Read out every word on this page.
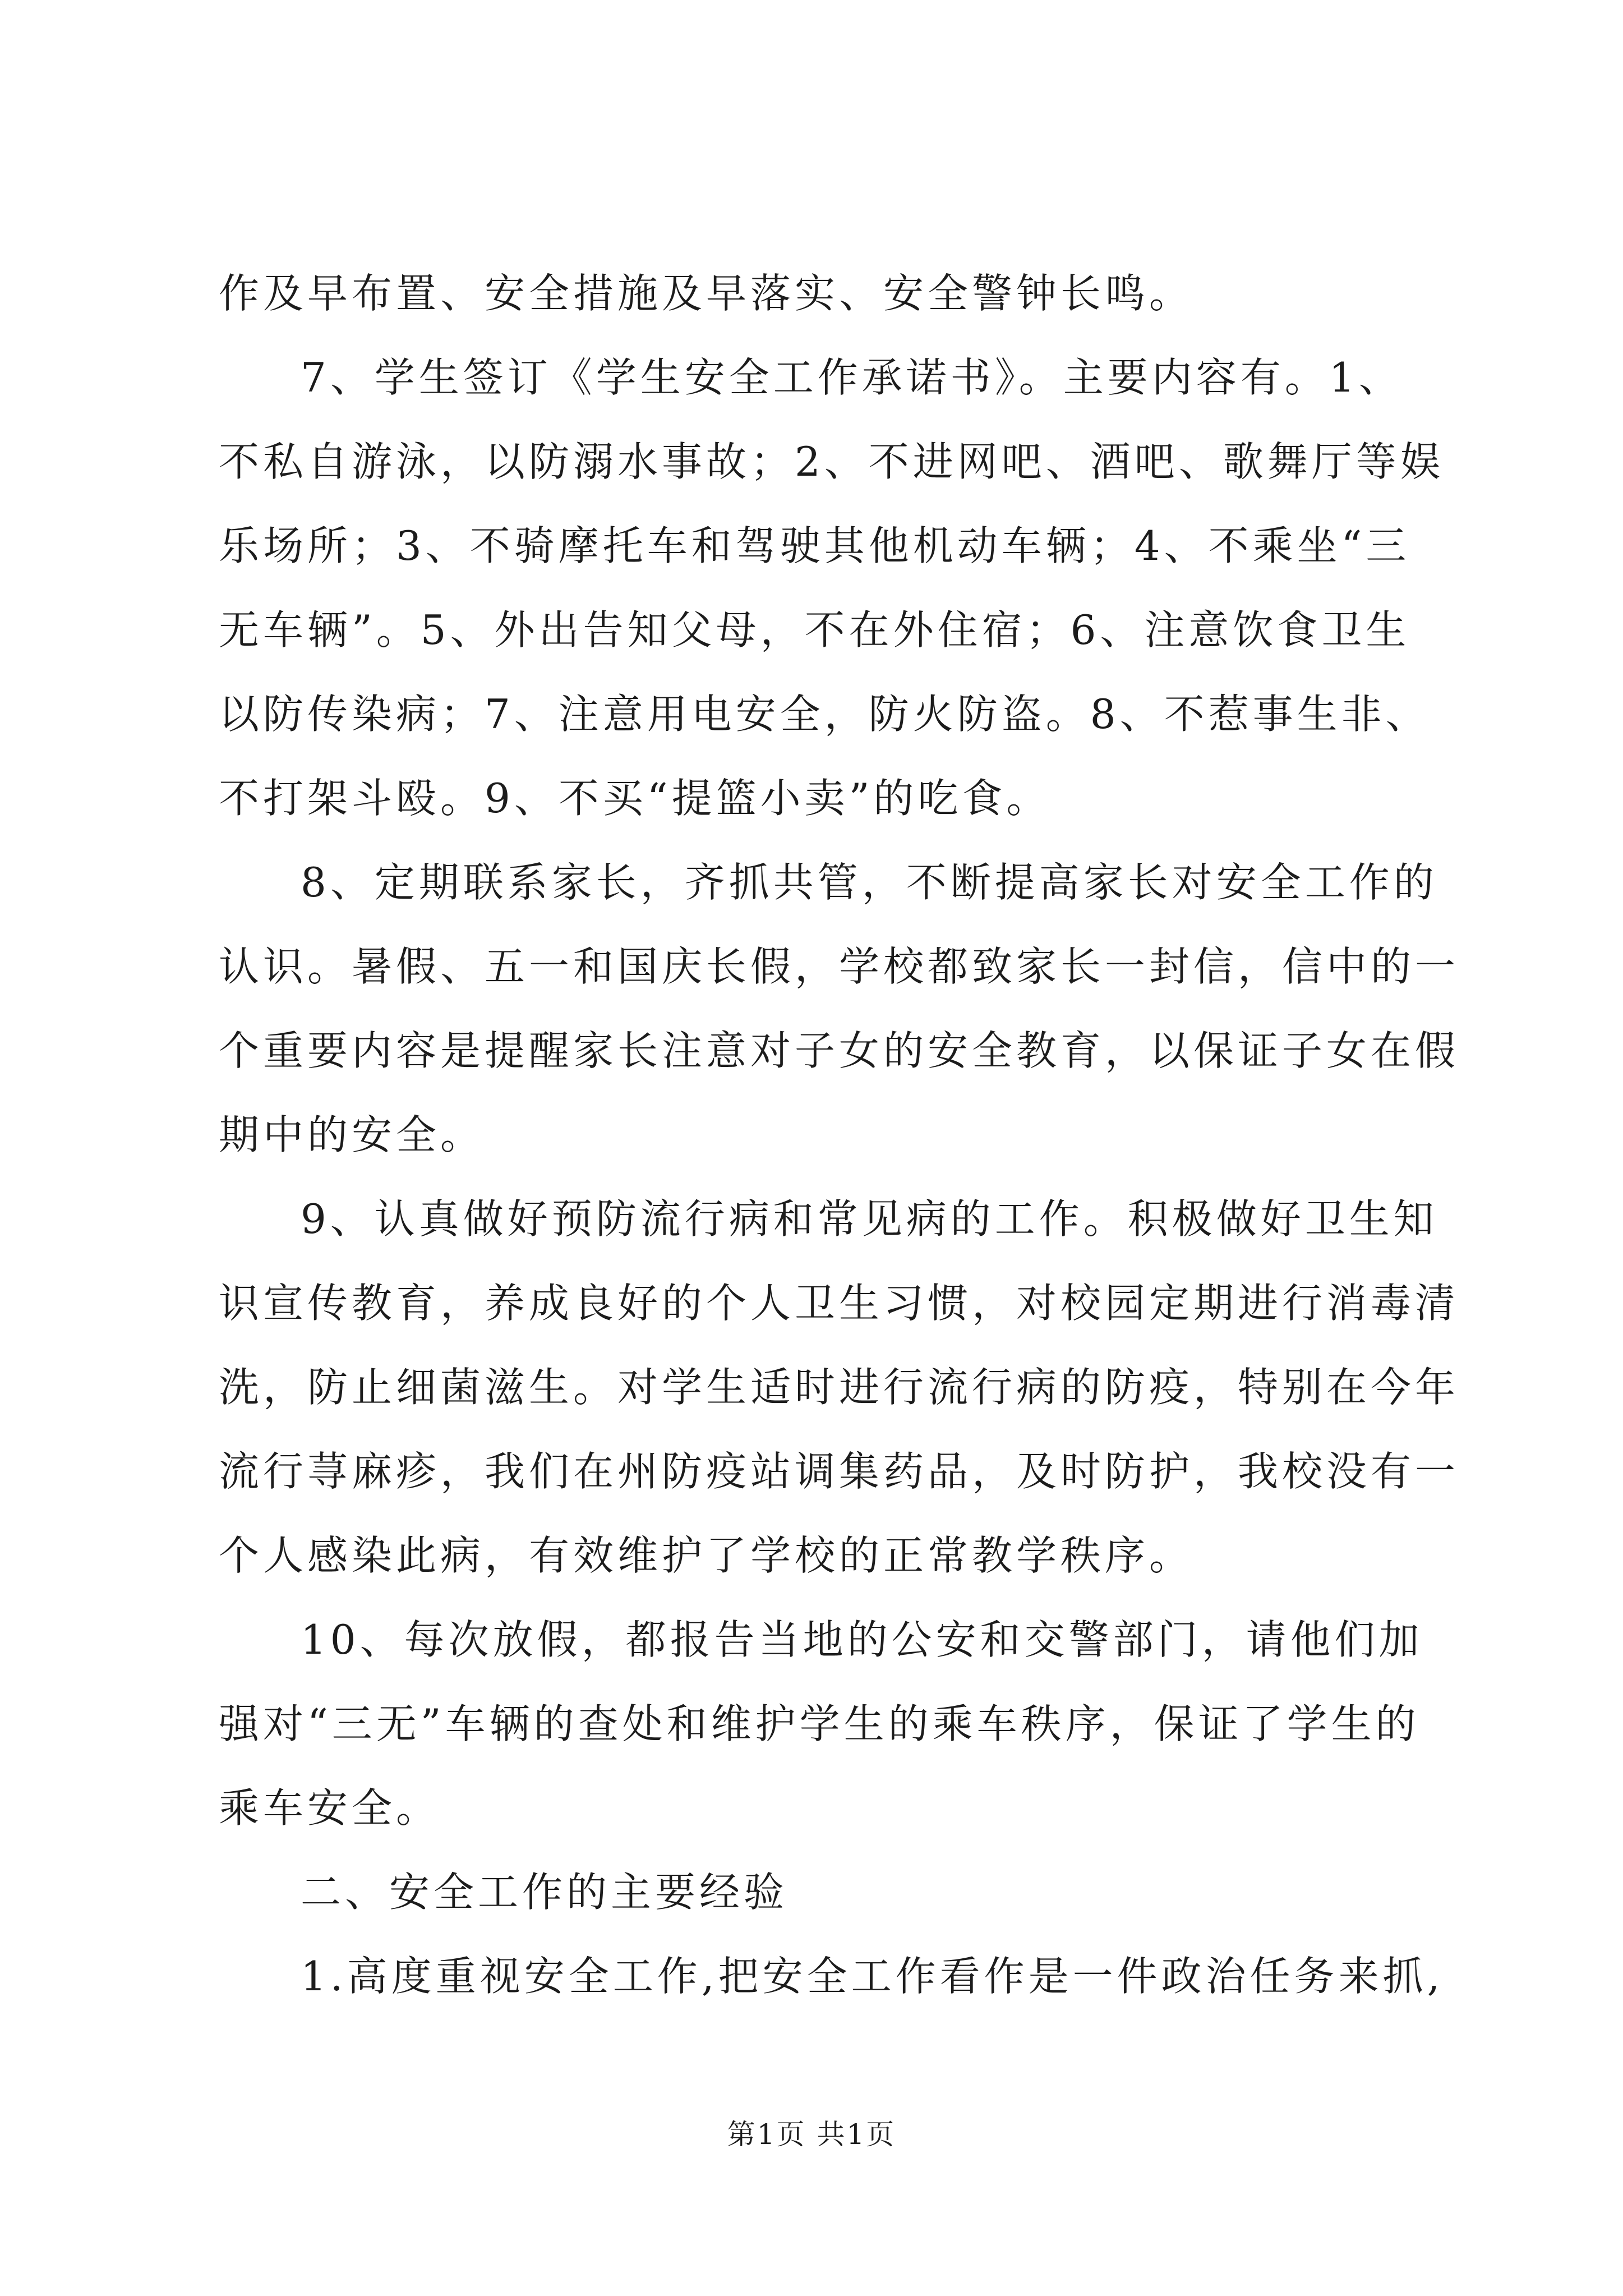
作及早布置、安全措施及早落实、安全警钟长鸣。
7、学生签订《学生安全工作承诺书》。主要内容有。1、
不私自游泳，以防溺水事故；2、不进网吧、酒吧、歌舞厅等娱
乐场所；3、不骑摩托车和驾驶其他机动车辆；4、不乘坐“三
无车辆”。5、外出告知父母，不在外住宿；6、注意饮食卫生
以防传染病；7、注意用电安全，防火防盗。8、不惹事生非、
不打架斗殴。9、不买“提篮小卖”的吃食。
8、定期联系家长，齐抓共管，不断提高家长对安全工作的
认识。暑假、五一和国庆长假，学校都致家长一封信，信中的一
个重要内容是提醒家长注意对子女的安全教育，以保证子女在假
期中的安全。
9、认真做好预防流行病和常见病的工作。积极做好卫生知
识宣传教育，养成良好的个人卫生习惯，对校园定期进行消毒清
洗，防止细菌滋生。对学生适时进行流行病的防疫，特别在今年
流行荨麻疹，我们在州防疫站调集药品，及时防护，我校没有一
个人感染此病，有效维护了学校的正常教学秩序。
10、每次放假，都报告当地的公安和交警部门，请他们加
强对“三无”车辆的查处和维护学生的乘车秩序，保证了学生的
乘车安全。
二、安全工作的主要经验
1.高度重视安全工作,把安全工作看作是一件政治任务来抓,
第1页 共1页
